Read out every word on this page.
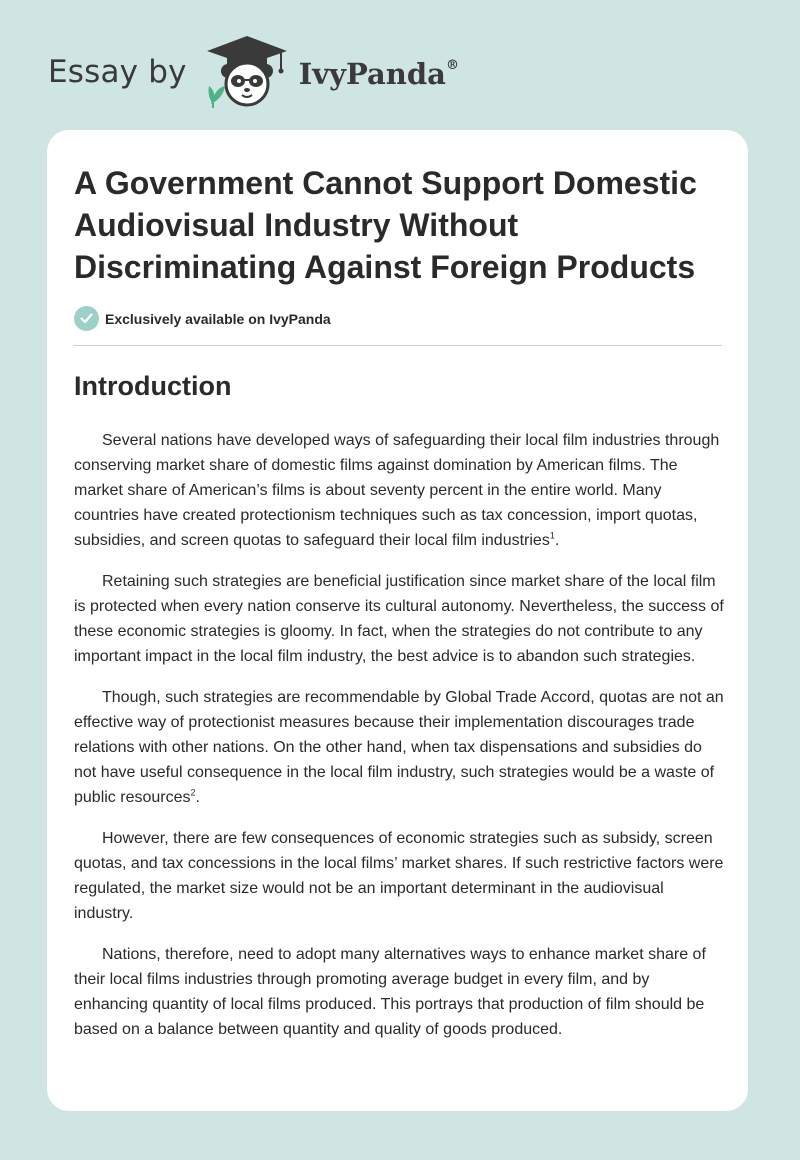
Essay by	IvyPanda®
A Government Cannot Support Domestic Audiovisual Industry Without Discriminating Against Foreign Products
Exclusively available on IvyPanda
Introduction

Several nations have developed ways of safeguarding their local film industries through conserving market share of domestic films against domination by American films. The market share of American’s films is about seventy percent in the entire world. Many countries have created protectionism techniques such as tax concession, import quotas, subsidies, and screen quotas to safeguard their local film industries$^1$.

Retaining such strategies are beneficial justification since market share of the local film is protected when every nation conserve its cultural autonomy. Nevertheless, the success of these economic strategies is gloomy. In fact, when the strategies do not contribute to any important impact in the local film industry, the best advice is to abandon such strategies.

Though, such strategies are recommendable by Global Trade Accord, quotas are not an effective way of protectionist measures because their implementation discourages trade relations with other nations. On the other hand, when tax dispensations and subsidies do not have useful consequence in the local film industry, such strategies would be a waste of public resources$^2$.

However, there are few consequences of economic strategies such as subsidy, screen quotas, and tax concessions in the local films’ market shares. If such restrictive factors were regulated, the market size would not be an important determinant in the audiovisual industry.

Nations, therefore, need to adopt many alternatives ways to enhance market share of their local films industries through promoting average budget in every film, and by enhancing quantity of local films produced. This portrays that production of film should be based on a balance between quantity and quality of goods produced.
